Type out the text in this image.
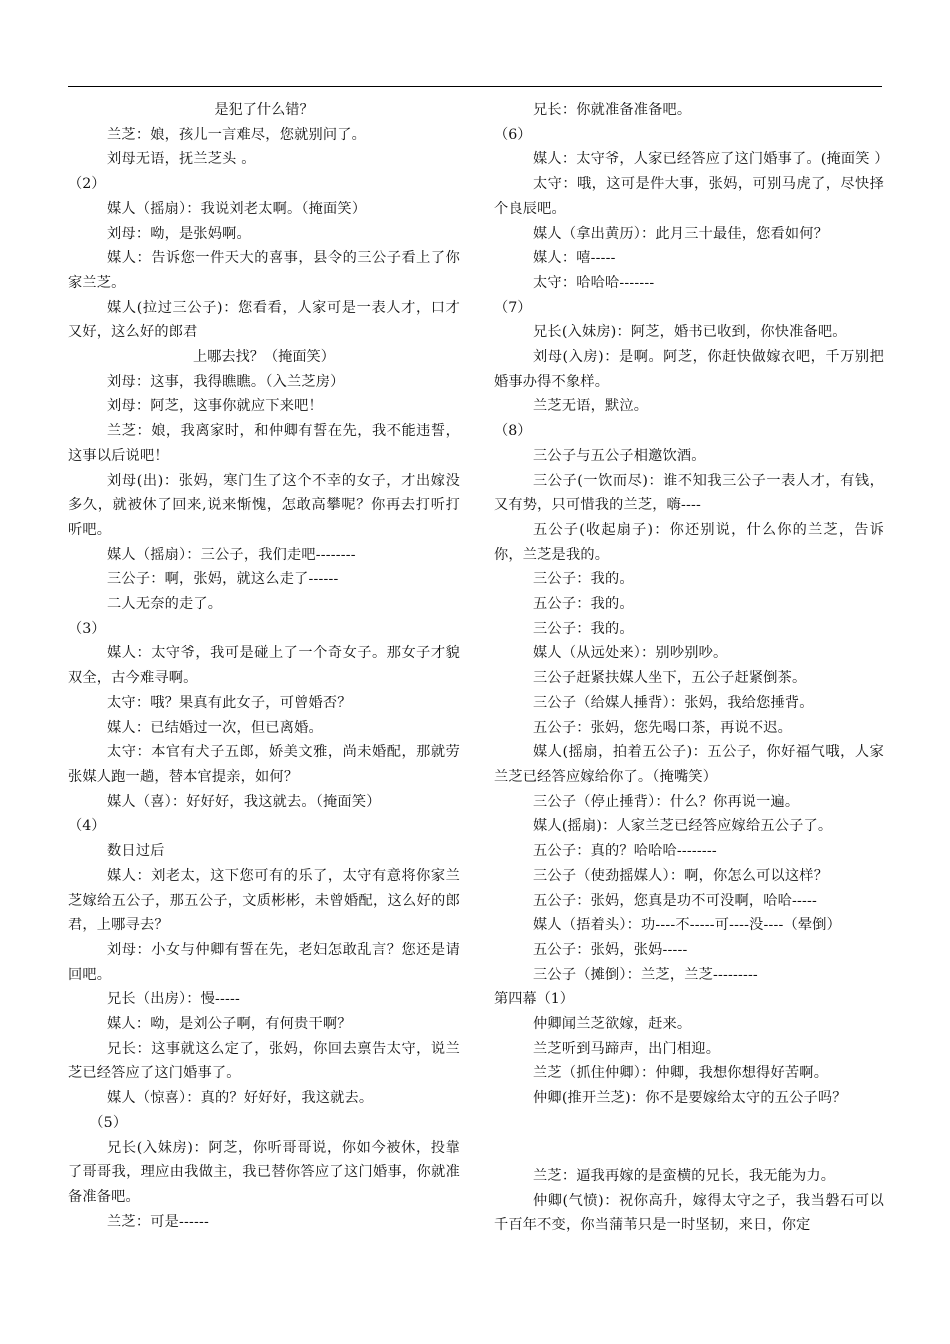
是犯了什么错？

兰芝：娘，孩儿一言难尽，您就别问了。

刘母无语，抚兰芝头 。

（2）

媒人（摇扇）：我说刘老太啊。（掩面笑）

刘母：呦，是张妈啊。

媒人：告诉您一件天大的喜事，县令的三公子看上了你家兰芝。

媒人(拉过三公子)：您看看，人家可是一表人才，口才又好，这么好的郎君

上哪去找？（掩面笑）

刘母：这事，我得瞧瞧。（入兰芝房）

刘母：阿芝，这事你就应下来吧！

兰芝：娘，我离家时，和仲卿有誓在先，我不能违誓，这事以后说吧！

刘母(出)：张妈，寒门生了这个不幸的女子，才出嫁没多久，就被休了回来,说来惭愧，怎敢高攀呢？你再去打听打听吧。

媒人（摇扇）：三公子，我们走吧--------

三公子：啊，张妈，就这么走了------

二人无奈的走了。

（3）

媒人：太守爷，我可是碰上了一个奇女子。那女子才貌双全，古今难寻啊。

太守：哦？果真有此女子，可曾婚否？

媒人：已结婚过一次，但已离婚。

太守：本官有犬子五郎，娇美文雅，尚未婚配，那就劳张媒人跑一趟，替本官提亲，如何？

媒人（喜）：好好好，我这就去。（掩面笑）

（4）

数日过后

媒人：刘老太，这下您可有的乐了，太守有意将你家兰芝嫁给五公子，那五公子，文质彬彬，未曾婚配，这么好的郎君，上哪寻去？

刘母：小女与仲卿有誓在先，老妇怎敢乱言？您还是请回吧。

兄长（出房）：慢-----

媒人：呦，是刘公子啊，有何贵干啊？

兄长：这事就这么定了，张妈，你回去禀告太守，说兰芝已经答应了这门婚事了。

媒人（惊喜）：真的？好好好，我这就去。

（5）

兄长(入妹房)：阿芝，你听哥哥说，你如今被休，投靠了哥哥我，理应由我做主，我已替你答应了这门婚事，你就准备准备吧。

兰芝：可是------

兄长：你就准备准备吧。

（6）

媒人：太守爷，人家已经答应了这门婚事了。(掩面笑 ）

太守：哦，这可是件大事，张妈，可别马虎了，尽快择个良辰吧。

媒人（拿出黄历）：此月三十最佳，您看如何？

媒人：嘻-----

太守：哈哈哈-------

（7）

兄长(入妹房)：阿芝，婚书已收到，你快准备吧。

刘母(入房)：是啊。阿芝，你赶快做嫁衣吧，千万别把婚事办得不象样。

兰芝无语，默泣。

（8）

三公子与五公子相邀饮酒。

三公子(一饮而尽)：谁不知我三公子一表人才，有钱，又有势，只可惜我的兰芝，嗨----

五公子(收起扇子)：你还别说，什么你的兰芝，告诉你，兰芝是我的。

三公子：我的。

五公子：我的。

三公子：我的。

媒人（从远处来）：别吵别吵。

三公子赶紧扶媒人坐下，五公子赶紧倒茶。

三公子（给媒人捶背）：张妈，我给您捶背。

五公子：张妈，您先喝口茶，再说不迟。

媒人(摇扇，拍着五公子)：五公子，你好福气哦，人家兰芝已经答应嫁给你了。（掩嘴笑）

三公子（停止捶背）：什么？你再说一遍。

媒人(摇扇)：人家兰芝已经答应嫁给五公子了。

五公子：真的？哈哈哈--------

三公子（使劲摇媒人）：啊，你怎么可以这样？

五公子：张妈，您真是功不可没啊，哈哈-----

媒人（捂着头）：功----不-----可----没----（晕倒）

五公子：张妈，张妈-----

三公子（摊倒）：兰芝，兰芝---------

第四幕（1）

仲卿闻兰芝欲嫁，赶来。

兰芝听到马蹄声，出门相迎。

兰芝（抓住仲卿）：仲卿，我想你想得好苦啊。

仲卿(推开兰芝)：你不是要嫁给太守的五公子吗？

兰芝：逼我再嫁的是蛮横的兄长，我无能为力。

仲卿(气愤)：祝你高升，嫁得太守之子，我当磐石可以千百年不变，你当蒲苇只是一时坚韧，来日，你定
